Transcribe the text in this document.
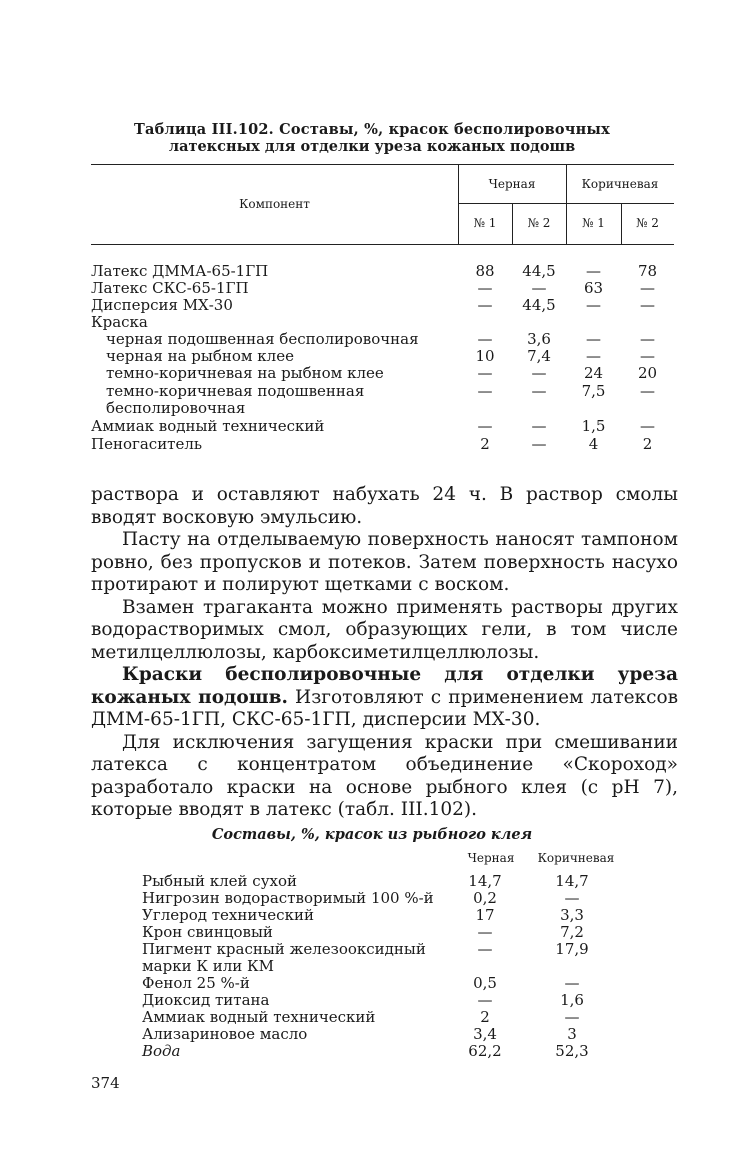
Таблица III.102. Составы, %, красок бесполировочных
латексных для отделки уреза кожаных подошв
Компонент
Черная	Коричневая
№ 1	№ 2	№ 1	№ 2
Латекс ДММА-65-1ГП	88	44,5	—	78
Латекс СКС-65-1ГП	—	—	63	—
Дисперсия МХ-30	—	44,5	—	—
Краска
черная подошвенная бесполировочная	—	3,6	—	—
черная на рыбном клее	10	7,4	—	—
темно-коричневая на рыбном клее	—	—	24	20
темно-коричневая подошвенная	—	—	7,5	—
бесполировочная
Аммиак водный технический	—	—	1,5	—
Пеногаситель	2	—	4	2

раствора и оставляют набухать 24 ч. В раствор смолы вводят восковую эмульсию.

Пасту на отделываемую поверхность наносят тампоном ровно, без пропусков и потеков. Затем поверхность насухо протирают и полируют щетками с воском.

Взамен трагаканта можно применять растворы других водорастворимых смол, образующих гели, в том числе метилцеллюлозы, карбоксиметилцеллюлозы.

Краски бесполировочные для отделки уреза кожаных подошв. Изготовляют с применением латексов ДММ-65-1ГП, СКС-65-1ГП, дисперсии МХ-30.

Для исключения загущения краски при смешивании латекса с концентратом объединение «Скороход» разработало краски на основе рыбного клея (с pH 7), которые вводят в латекс (табл. III.102).

Составы, %, красок из рыбного клея
Черная	Коричневая
Рыбный клей сухой	14,7	14,7
Нигрозин водорастворимый 100 %-й	0,2	—
Углерод технический	17	3,3
Крон свинцовый	—	7,2
Пигмент красный железооксидный	—	17,9
марки К или КМ
Фенол 25 %-й	0,5	—
Диоксид титана	—	1,6
Аммиак водный технический	2	—
Ализариновое масло	3,4	3
Вода	62,2	52,3
374
